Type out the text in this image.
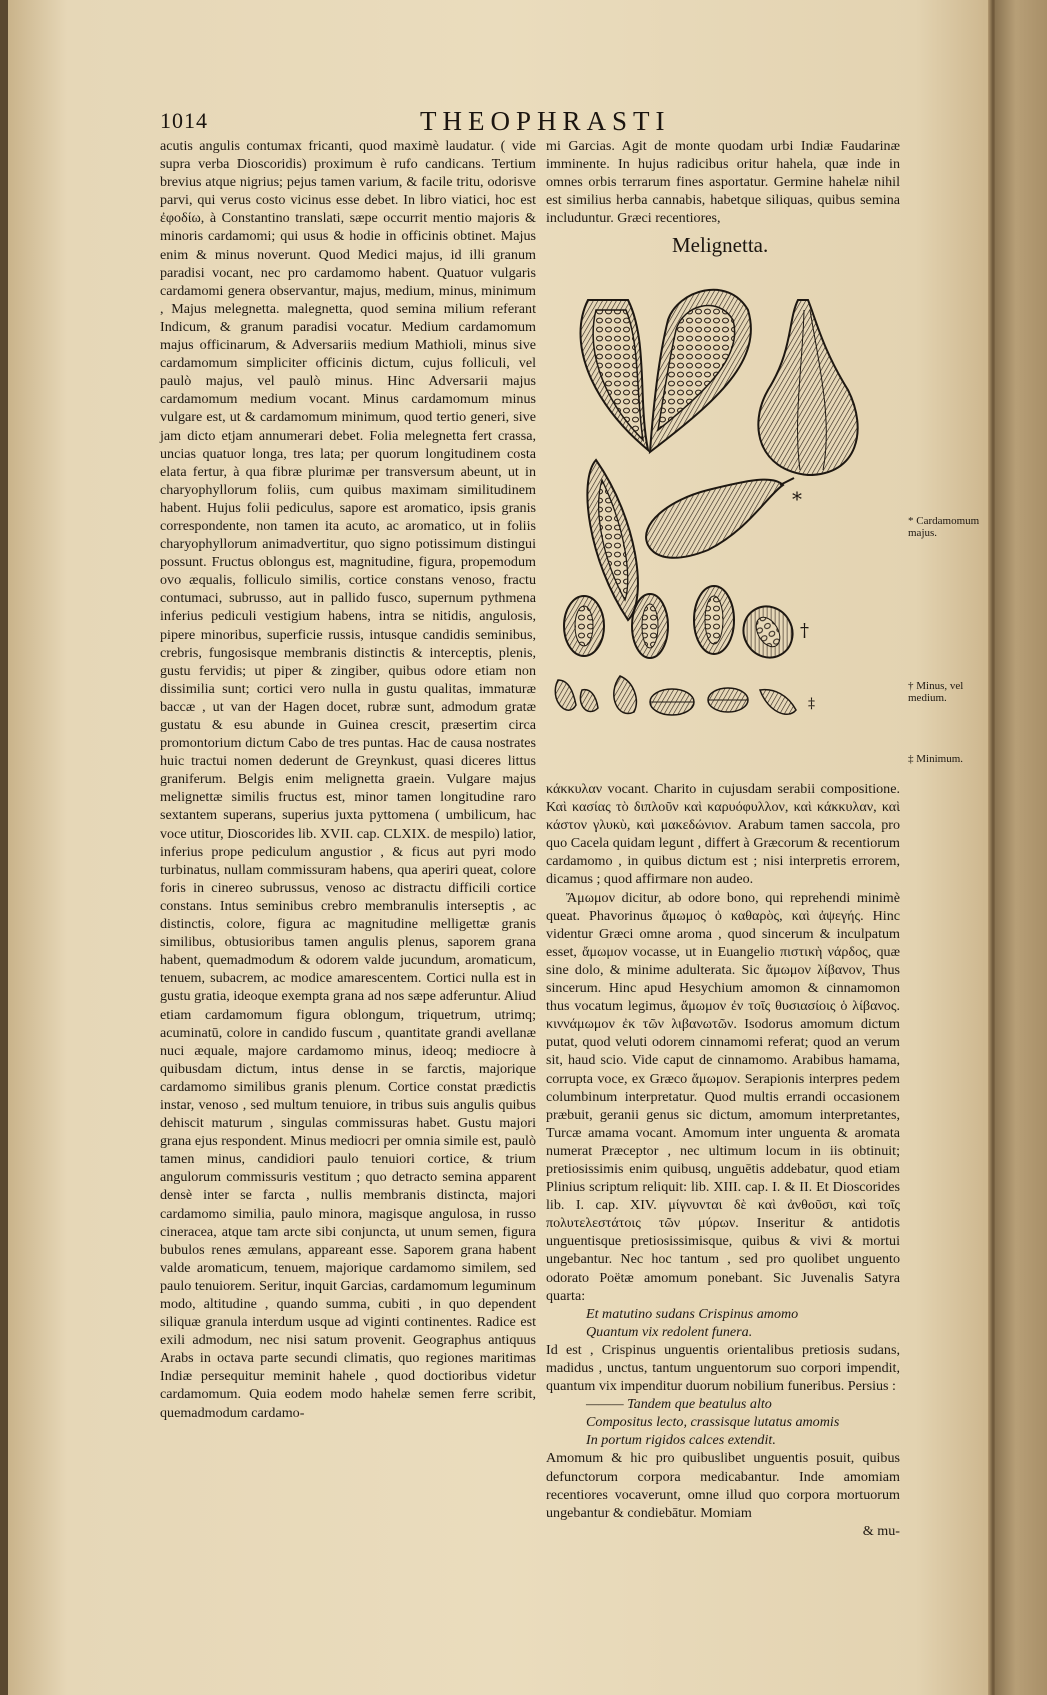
1014	THEOPHRASTI

acutis angulis contumax fricanti, quod maximè laudatur. ( vide supra verba Dioscoridis) proximum è rufo candicans. Tertium brevius atque nigrius; pejus tamen varium, & facile tritu, odorisve parvi, qui verus costo vicinus esse debet. In libro viatici, hoc est ἐφοδίω, à Constantino translati, sæpe occurrit mentio majoris & minoris cardamomi; qui usus & hodie in officinis obtinet. Majus enim & minus noverunt. Quod Medici majus, id illi granum paradisi vocant, nec pro cardamomo habent. Quatuor vulgaris cardamomi genera observantur, majus, medium, minus, minimum , Majus melegnetta. malegnetta, quod semina milium referant Indicum, & granum paradisi vocatur. Medium cardamomum majus officinarum, & Adversariis medium Mathioli, minus sive cardamomum simpliciter officinis dictum, cujus folliculi, vel paulò majus, vel paulò minus. Hinc Adversarii majus cardamomum medium vocant. Minus cardamomum minus vulgare est, ut & cardamomum minimum, quod tertio generi, sive jam dicto etjam annumerari debet. Folia melegnetta fert crassa, uncias quatuor longa, tres lata; per quorum longitudinem costa elata fertur, à qua fibræ plurimæ per transversum abeunt, ut in charyophyllorum foliis, cum quibus maximam similitudinem habent. Hujus folii pediculus, sapore est aromatico, ipsis granis correspondente, non tamen ita acuto, ac aromatico, ut in foliis charyophyllorum animadvertitur, quo signo potissimum distingui possunt. Fructus oblongus est, magnitudine, figura, propemodum ovo æqualis, folliculo similis, cortice constans venoso, fractu contumaci, subrusso, aut in pallido fusco, supernum pythmena inferius pediculi vestigium habens, intra se nitidis, angulosis, pipere minoribus, superficie russis, intusque candidis seminibus, crebris, fungosisque membranis distinctis & interceptis, plenis, gustu fervidis; ut piper & zingiber, quibus odore etiam non dissimilia sunt; cortici vero nulla in gustu qualitas, immaturæ baccæ , ut van der Hagen docet, rubræ sunt, admodum gratæ gustatu & esu abunde in Guinea crescit, præsertim circa promontorium dictum Cabo de tres puntas. Hac de causa nostrates huic tractui nomen dederunt de Greynkust, quasi diceres littus graniferum. Belgis enim melignetta graein. Vulgare majus melignettæ similis fructus est, minor tamen longitudine raro sextantem superans, superius juxta pyttomena ( umbilicum, hac voce utitur, Dioscorides lib. XVII. cap. CLXIX. de mespilo) latior, inferius prope pediculum angustior , & ficus aut pyri modo turbinatus, nullam commissuram habens, qua aperiri queat, colore foris in cinereo subrussus, venoso ac distractu difficili cortice constans. Intus seminibus crebro membranulis interseptis , ac distinctis, colore, figura ac magnitudine melligettæ granis similibus, obtusioribus tamen angulis plenus, saporem grana habent, quemadmodum & odorem valde jucundum, aromaticum, tenuem, subacrem, ac modice amarescentem. Cortici nulla est in gustu gratia, ideoque exempta grana ad nos sæpe adferuntur. Aliud etiam cardamomum figura oblongum, triquetrum, utrimq; acuminatū, colore in candido fuscum , quantitate grandi avellanæ nuci æquale, majore cardamomo minus, ideoq; mediocre à quibusdam dictum, intus dense in se farctis, majorique cardamomo similibus granis plenum. Cortice constat prædictis instar, venoso , sed multum tenuiore, in tribus suis angulis quibus dehiscit maturum , singulas commissuras habet. Gustu majori grana ejus respondent. Minus mediocri per omnia simile est, paulò tamen minus, candidiori paulo tenuiori cortice, & trium angulorum commissuris vestitum ; quo detracto semina apparent densè inter se farcta , nullis membranis distincta, majori cardamomo similia, paulo minora, magisque angulosa, in russo cineracea, atque tam arcte sibi conjuncta, ut unum semen, figura bubulos renes æmulans, appareant esse. Saporem grana habent valde aromaticum, tenuem, majorique cardamomo similem, sed paulo tenuiorem. Seritur, inquit Garcias, cardamomum leguminum modo, altitudine , quando summa, cubiti , in quo dependent siliquæ granula interdum usque ad viginti continentes. Radice est exili admodum, nec nisi satum provenit. Geographus antiquus Arabs in octava parte secundi climatis, quo regiones maritimas Indiæ persequitur meminit hahele , quod doctioribus videtur cardamomum. Quia eodem modo hahelæ semen ferre scribit, quemadmodum cardamo-

mi Garcias. Agit de monte quodam urbi Indiæ Faudarinæ imminente. In hujus radicibus oritur hahela, quæ inde in omnes orbis terrarum fines asportatur. Germine hahelæ nihil est similius herba cannabis, habetque siliquas, quibus semina includuntur. Græci recentiores,

Melignetta.
*
†
‡
* Cardamomum majus.
† Minus, vel medium.
‡ Minimum.

κάκκυλαν vocant. Charito in cujusdam serabii compositione. Καὶ κασίας τὸ διπλοῦν καὶ καρυόφυλλον, καὶ κάκκυλαν, καὶ κάστον γλυκὺ, καὶ μακεδώνιον. Arabum tamen saccola, pro quo Cacela quidam legunt , differt à Græcorum & recentiorum cardamomo , in quibus dictum est ; nisi interpretis errorem, dicamus ; quod affirmare non audeo.

Ἄμωμον dicitur, ab odore bono, qui reprehendi minimè queat. Phavorinus ἄμωμος ὁ καθαρὸς, καὶ ἀψεγής. Hinc videntur Græci omne aroma , quod sincerum & inculpatum esset, ἄμωμον vocasse, ut in Euangelio πιστικὴ νάρδος, quæ sine dolo, & minime adulterata. Sic ἄμωμον λίβανον, Thus sincerum. Hinc apud Hesychium amomon & cinnamomon thus vocatum legimus, ἄμωμον ἐν τοῖς θυσιασίοις ὁ λίβανος. κιννάμωμον ἐκ τῶν λιβανωτῶν. Isodorus amomum dictum putat, quod veluti odorem cinnamomi referat; quod an verum sit, haud scio. Vide caput de cinnamomo. Arabibus hamama, corrupta voce, ex Græco ἄμωμον. Serapionis interpres pedem columbinum interpretatur. Quod multis errandi occasionem præbuit, geranii genus sic dictum, amomum interpretantes, Turcæ amama vocant. Amomum inter unguenta & aromata numerat Præceptor , nec ultimum locum in iis obtinuit; pretiosissimis enim quibusq, unguētis addebatur, quod etiam Plinius scriptum reliquit: lib. XIII. cap. I. & II. Et Dioscorides lib. I. cap. XIV. μίγνυνται δὲ καὶ ἀνθοῦσι, καὶ τοῖς πολυτελεστάτοις τῶν μύρων. Inseritur & antidotis unguentisque pretiosissimisque, quibus & vivi & mortui ungebantur. Nec hoc tantum , sed pro quolibet unguento odorato Poëtæ amomum ponebant. Sic Juvenalis Satyra quarta:

Et matutino sudans Crispinus amomo

Quantum vix redolent funera.

Id est , Crispinus unguentis orientalibus pretiosis sudans, madidus , unctus, tantum unguentorum suo corpori impendit, quantum vix impenditur duorum nobilium funeribus. Persius :

——— Tandem que beatulus alto

Compositus lecto, crassisque lutatus amomis

In portum rigidos calces extendit.

Amomum & hic pro quibuslibet unguentis posuit, quibus defunctorum corpora medicabantur. Inde amomiam recentiores vocaverunt, omne illud quo corpora mortuorum ungebantur & condiebātur. Momiam

& mu-
